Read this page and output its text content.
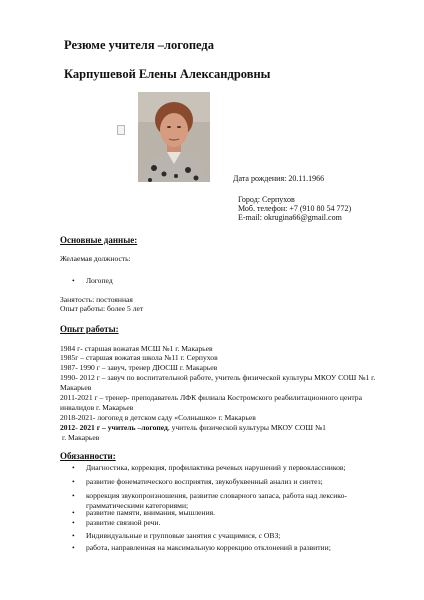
Резюме учителя –логопеда
Карпушевой Елены Александровны
Дата рождения: 20.11.1966
Город: Серпухов
Моб. телефон: +7 (910 80 54 772)
E-mail: okrugina66@gmail.com
Основные данные:
Желаемая должность:
•	Логопед
Занятость: постоянная
Опыт работы: более 5 лет
Опыт работы:
1984 г- старшая вожатая МСШ №1 г. Макарьев
1985г – старшая вожатая школа №11 г. Серпухов
1987- 1990 г – завуч, тренер ДЮСШ г. Макарьев
1990- 2012 г – завуч по воспитательной работе, учитель физической культуры МКОУ СОШ №1 г. Макарьев
2011-2021 г – тренер- преподаватель ЛФК филиала Костромского реабилитационного центра инвалидов г. Макарьев
2018-2021- логопед в детском саду «Солнышко» г. Макарьев
2012- 2021 г – учитель –логопед, учитель физической культуры МКОУ СОШ №1
г. Макарьев
Обязанности:
•	Диагностика, коррекция, профилактика речевых нарушений у первоклассников;
•	развитие фонематического восприятия, звукобуквенный анализ и синтез;
•	коррекция звукопроизношения, развитие словарного запаса, работа над лексико-грамматическими категориями;
•	развитие памяти, внимания, мышления.
•	развитие связной речи.
•	Индивидуальные и групповые занятия с учащимися, с ОВЗ;
•	работа, направленная на максимальную коррекцию отклонений в развитии;
